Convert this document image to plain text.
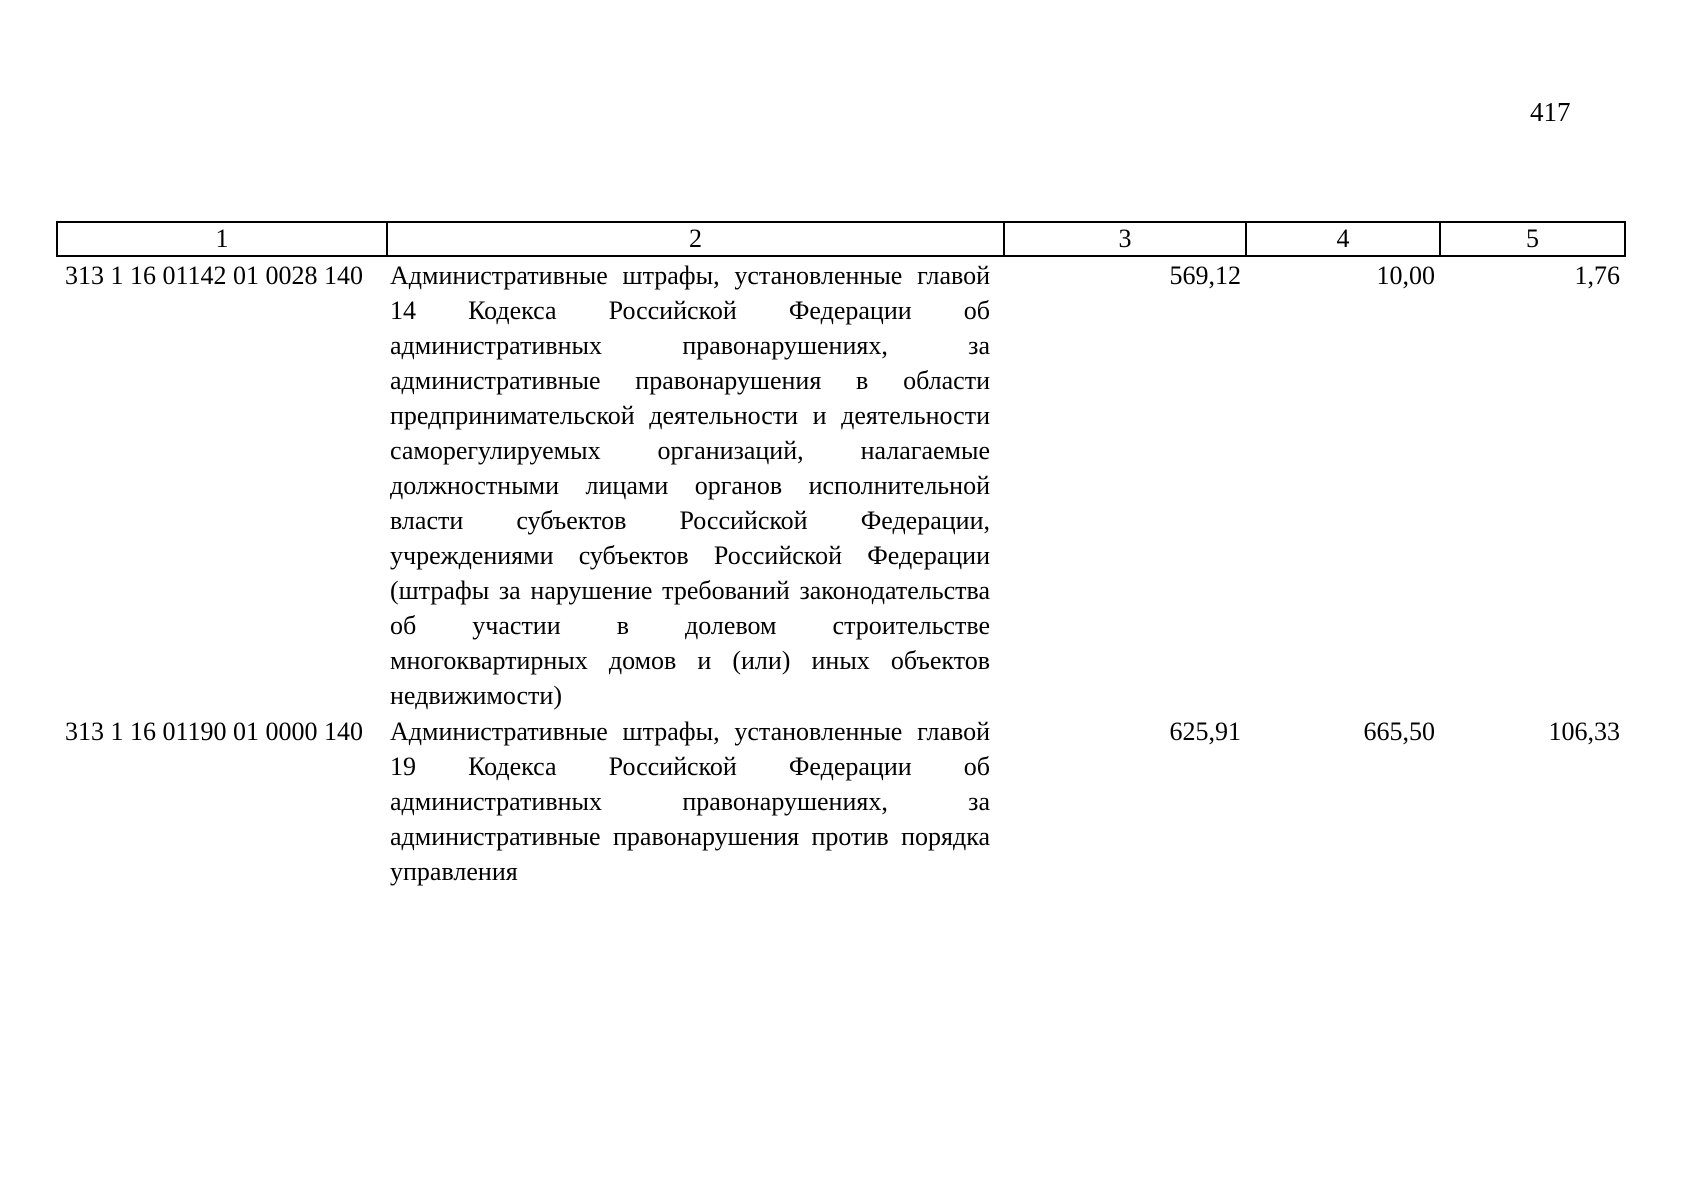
417
1	2	3	4	5
313 1 16 01142 01 0028 140	Административные штрафы, установленные главой 14 Кодекса Российской Федерации об административных правонарушениях, за административные правонарушения в области предпринимательской деятельности и деятельности саморегулируемых организаций, налагаемые должностными лицами органов исполнительной власти субъектов Российской Федерации, учреждениями субъектов Российской Федерации (штрафы за нарушение требований законодательства об участии в долевом строительстве многоквартирных домов и (или) иных объектов недвижимости)	569,12	10,00	1,76
313 1 16 01190 01 0000 140	Административные штрафы, установленные главой 19 Кодекса Российской Федерации об административных правонарушениях, за административные правонарушения против порядка управления	625,91	665,50	106,33
